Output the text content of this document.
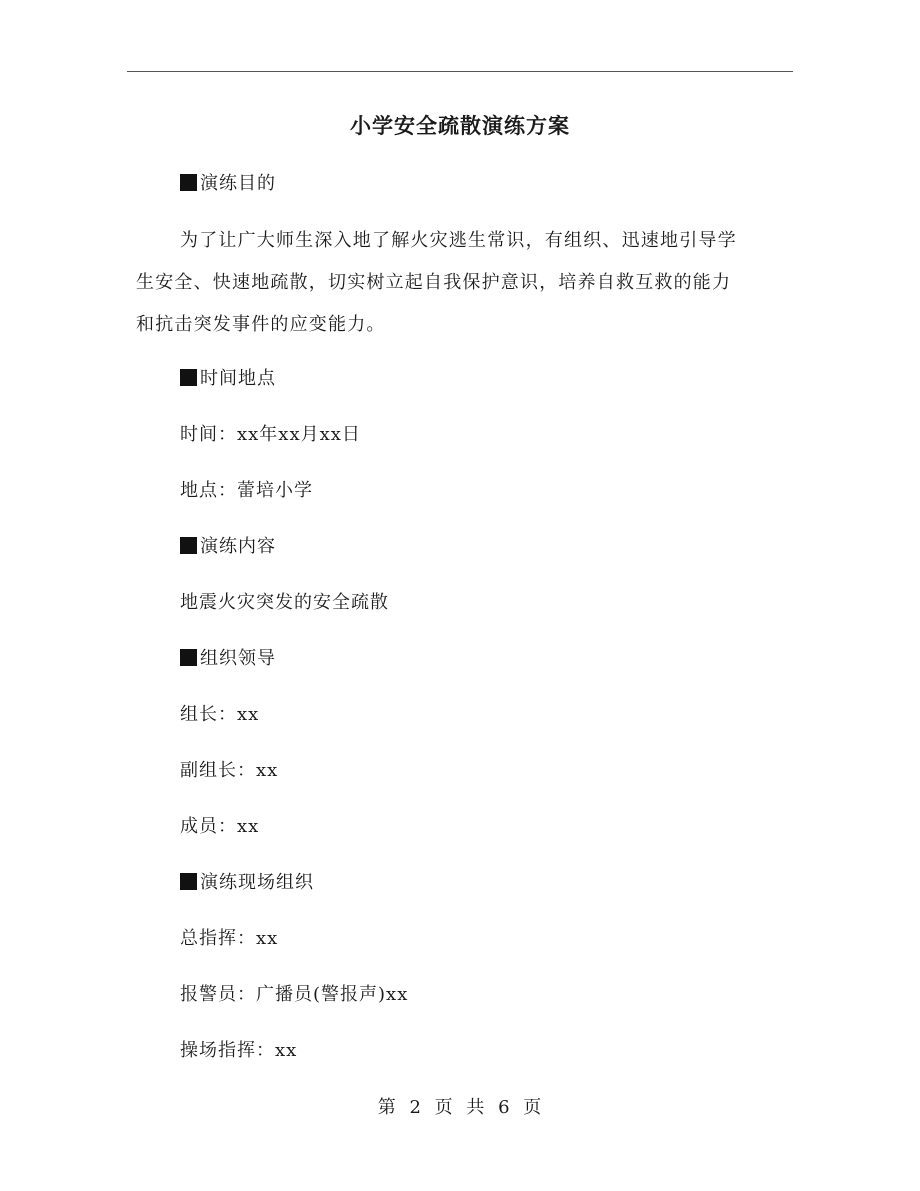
小学安全疏散演练方案
演练目的
为了让广大师生深入地了解火灾逃生常识，有组织、迅速地引导学
生安全、快速地疏散，切实树立起自我保护意识，培养自救互救的能力
和抗击突发事件的应变能力。
时间地点
时间：xx年xx月xx日
地点：蕾培小学
演练内容
地震火灾突发的安全疏散
组织领导
组长：xx
副组长：xx
成员：xx
演练现场组织
总指挥：xx
报警员：广播员(警报声)xx
操场指挥：xx
第 2 页 共 6 页
